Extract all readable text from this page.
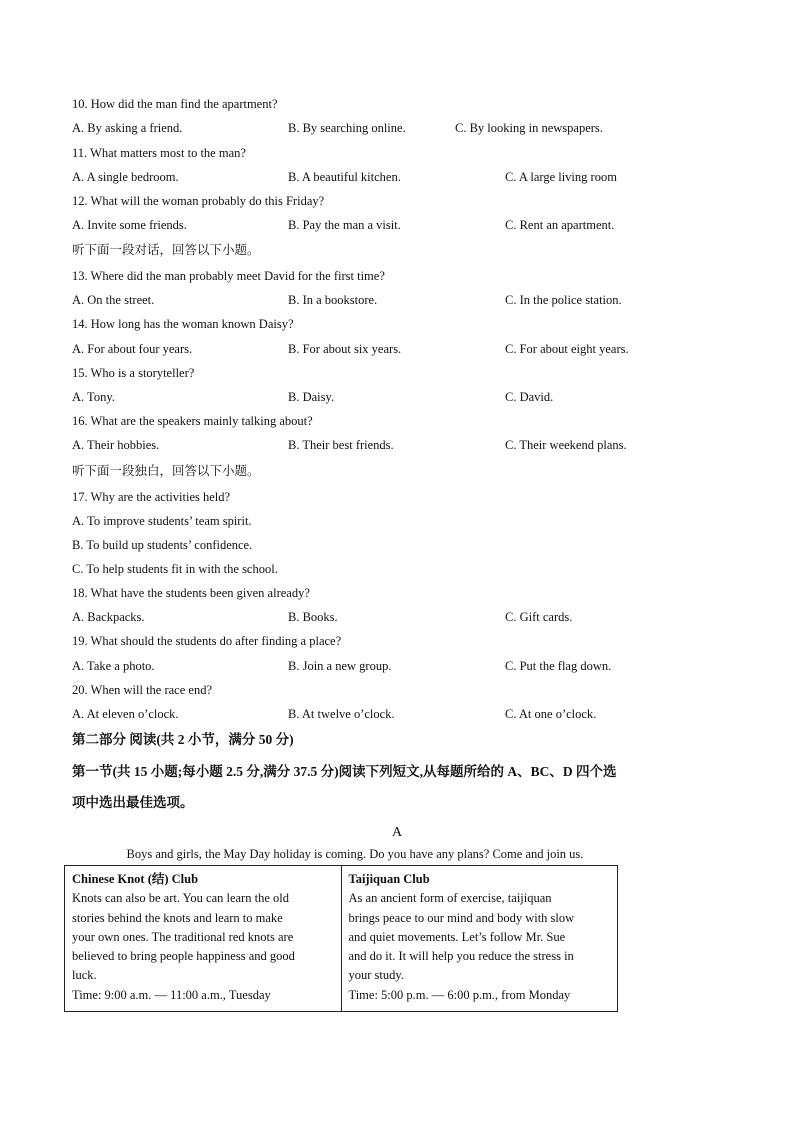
10. How did the man find the apartment?
A. By asking a friend.	B. By searching online.	C. By looking in newspapers.
11. What matters most to the man?
A. A single bedroom.	B. A beautiful kitchen.	C. A large living room
12. What will the woman probably do this Friday?
A. Invite some friends.	B. Pay the man a visit.	C. Rent an apartment.
听下面一段对话，回答以下小题。
13. Where did the man probably meet David for the first time?
A. On the street.	B. In a bookstore.	C. In the police station.
14. How long has the woman known Daisy?
A. For about four years.	B. For about six years.	C. For about eight years.
15. Who is a storyteller?
A. Tony.	B. Daisy.	C. David.
16. What are the speakers mainly talking about?
A. Their hobbies.	B. Their best friends.	C. Their weekend plans.
听下面一段独白，回答以下小题。
17. Why are the activities held?
A. To improve students’ team spirit.
B. To build up students’ confidence.
C. To help students fit in with the school.
18. What have the students been given already?
A. Backpacks.	B. Books.	C. Gift cards.
19. What should the students do after finding a place?
A. Take a photo.	B. Join a new group.	C. Put the flag down.
20. When will the race end?
A. At eleven o’clock.	B. At twelve o’clock.	C. At one o’clock.
第二部分 阅读(共 2 小节，满分 50 分)
第一节(共 15 小题;每小题 2.5 分,满分 37.5 分)阅读下列短文,从每题所给的 A、BC、D 四个选
项中选出最佳选项。
A
Boys and girls, the May Day holiday is coming. Do you have any plans? Come and join us.
Chinese Knot (结) Club
Knots can also be art. You can learn the old
stories behind the knots and learn to make
your own ones. The traditional red knots are
believed to bring people happiness and good
luck.
Time: 9:00 a.m. — 11:00 a.m., Tuesday

Taijiquan Club
As an ancient form of exercise, taijiquan
brings peace to our mind and body with slow
and quiet movements. Let’s follow Mr. Sue
and do it. It will help you reduce the stress in
your study.
Time: 5:00 p.m. — 6:00 p.m., from Monday
